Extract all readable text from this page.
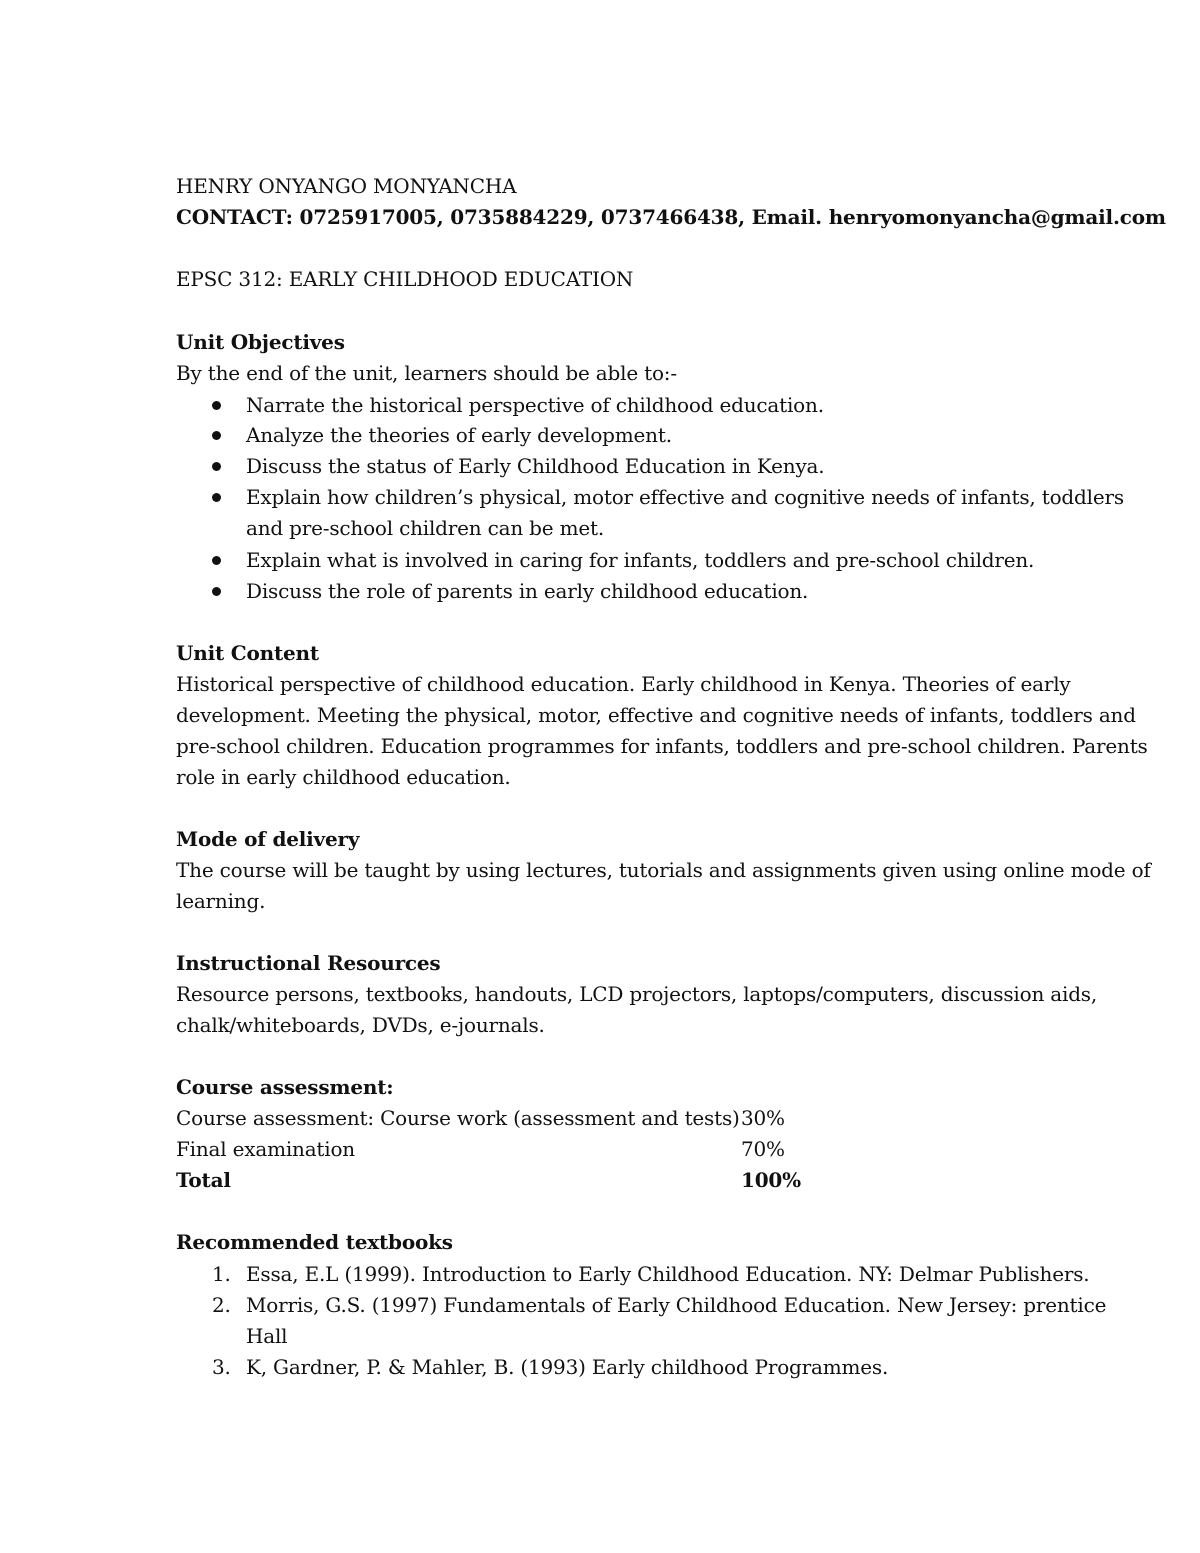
HENRY ONYANGO MONYANCHA
CONTACT: 0725917005, 0735884229, 0737466438, Email. henryomonyancha@gmail.com
EPSC 312: EARLY CHILDHOOD EDUCATION
Unit Objectives
By the end of the unit, learners should be able to:-
Narrate the historical perspective of childhood education.
Analyze the theories of early development.
Discuss the status of Early Childhood Education in Kenya.
Explain how children’s physical, motor effective and cognitive needs of infants, toddlers
and pre-school children can be met.
Explain what is involved in caring for infants, toddlers and pre-school children.
Discuss the role of parents in early childhood education.
Unit Content
Historical perspective of childhood education. Early childhood in Kenya. Theories of early
development. Meeting the physical, motor, effective and cognitive needs of infants, toddlers and
pre-school children. Education programmes for infants, toddlers and pre-school children. Parents
role in early childhood education.
Mode of delivery
The course will be taught by using lectures, tutorials and assignments given using online mode of
learning.
Instructional Resources
Resource persons, textbooks, handouts, LCD projectors, laptops/computers, discussion aids,
chalk/whiteboards, DVDs, e-journals.
Course assessment:
Course assessment: Course work (assessment and tests) 30%
Final examination	70%
Total	100%
Recommended textbooks
1. Essa, E.L (1999). Introduction to Early Childhood Education. NY: Delmar Publishers.
2. Morris, G.S. (1997) Fundamentals of Early Childhood Education. New Jersey: prentice
Hall
3. K, Gardner, P. & Mahler, B. (1993) Early childhood Programmes.
